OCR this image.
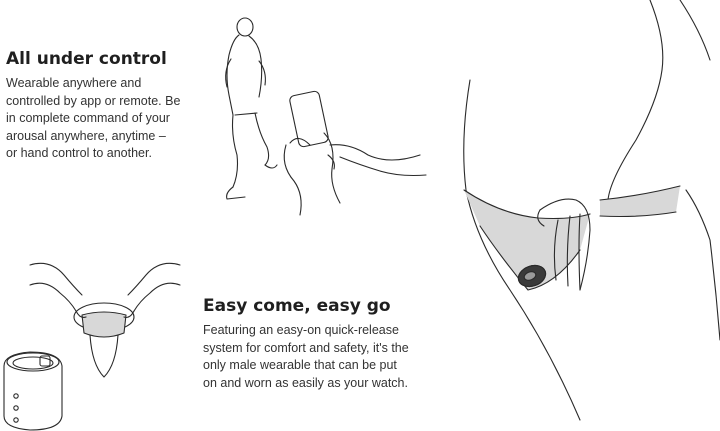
All under control
Wearable anywhere and
controlled by app or remote. Be
in complete command of your
arousal anywhere, anytime –
or hand control to another.
Easy come, easy go
Featuring an easy-on quick-release
system for comfort and safety, it's the
only male wearable that can be put
on and worn as easily as your watch.
